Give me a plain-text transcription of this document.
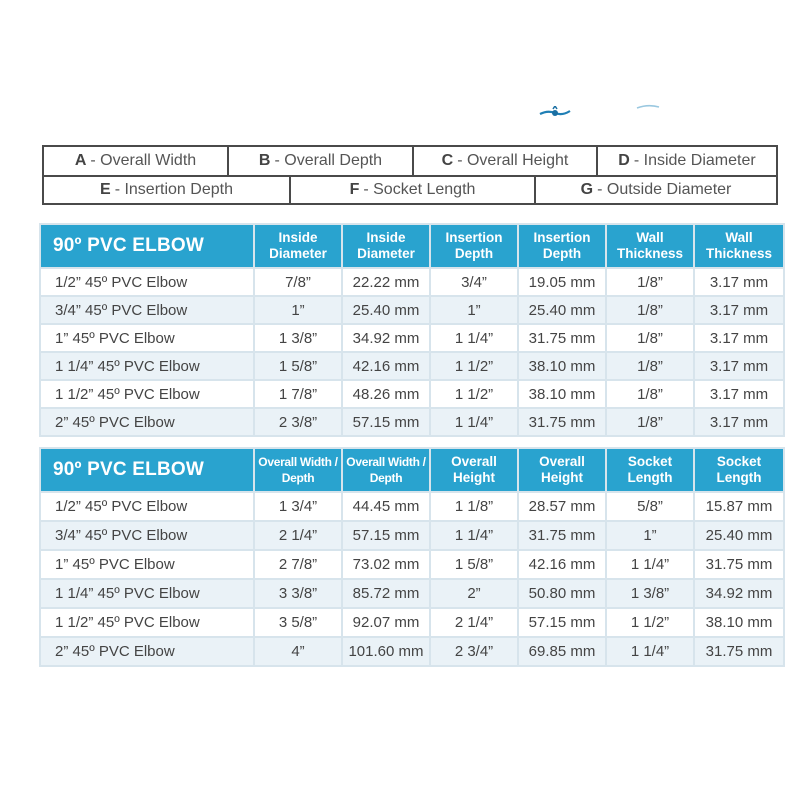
A - Overall Width	B - Overall Depth	C - Overall Height	D - Inside Diameter
E - Insertion Depth	F - Socket Length	G - Outside Diameter
90º PVC ELBOW	Inside Diameter	Inside Diameter	Insertion Depth	Insertion Depth	Wall Thickness	Wall Thickness
1/2” 45º PVC Elbow	7/8”	22.22 mm	3/4”	19.05 mm	1/8”	3.17 mm
3/4” 45º PVC Elbow	1”	25.40 mm	1”	25.40 mm	1/8”	3.17 mm
1” 45º PVC Elbow	1 3/8”	34.92 mm	1 1/4”	31.75 mm	1/8”	3.17 mm
1 1/4” 45º PVC Elbow	1 5/8”	42.16 mm	1 1/2”	38.10 mm	1/8”	3.17 mm
1 1/2” 45º PVC Elbow	1 7/8”	48.26 mm	1 1/2”	38.10 mm	1/8”	3.17 mm
2” 45º PVC Elbow	2 3/8”	57.15 mm	1 1/4”	31.75 mm	1/8”	3.17 mm
90º PVC ELBOW	Overall Width / Depth	Overall Width / Depth	Overall Height	Overall Height	Socket Length	Socket Length
1/2” 45º PVC Elbow	1 3/4”	44.45 mm	1 1/8”	28.57 mm	5/8”	15.87 mm
3/4” 45º PVC Elbow	2 1/4”	57.15 mm	1 1/4”	31.75 mm	1”	25.40 mm
1” 45º PVC Elbow	2 7/8”	73.02 mm	1 5/8”	42.16 mm	1 1/4”	31.75 mm
1 1/4” 45º PVC Elbow	3 3/8”	85.72 mm	2”	50.80 mm	1 3/8”	34.92 mm
1 1/2” 45º PVC Elbow	3 5/8”	92.07 mm	2 1/4”	57.15 mm	1 1/2”	38.10 mm
2” 45º PVC Elbow	4”	101.60 mm	2 3/4”	69.85 mm	1 1/4”	31.75 mm
